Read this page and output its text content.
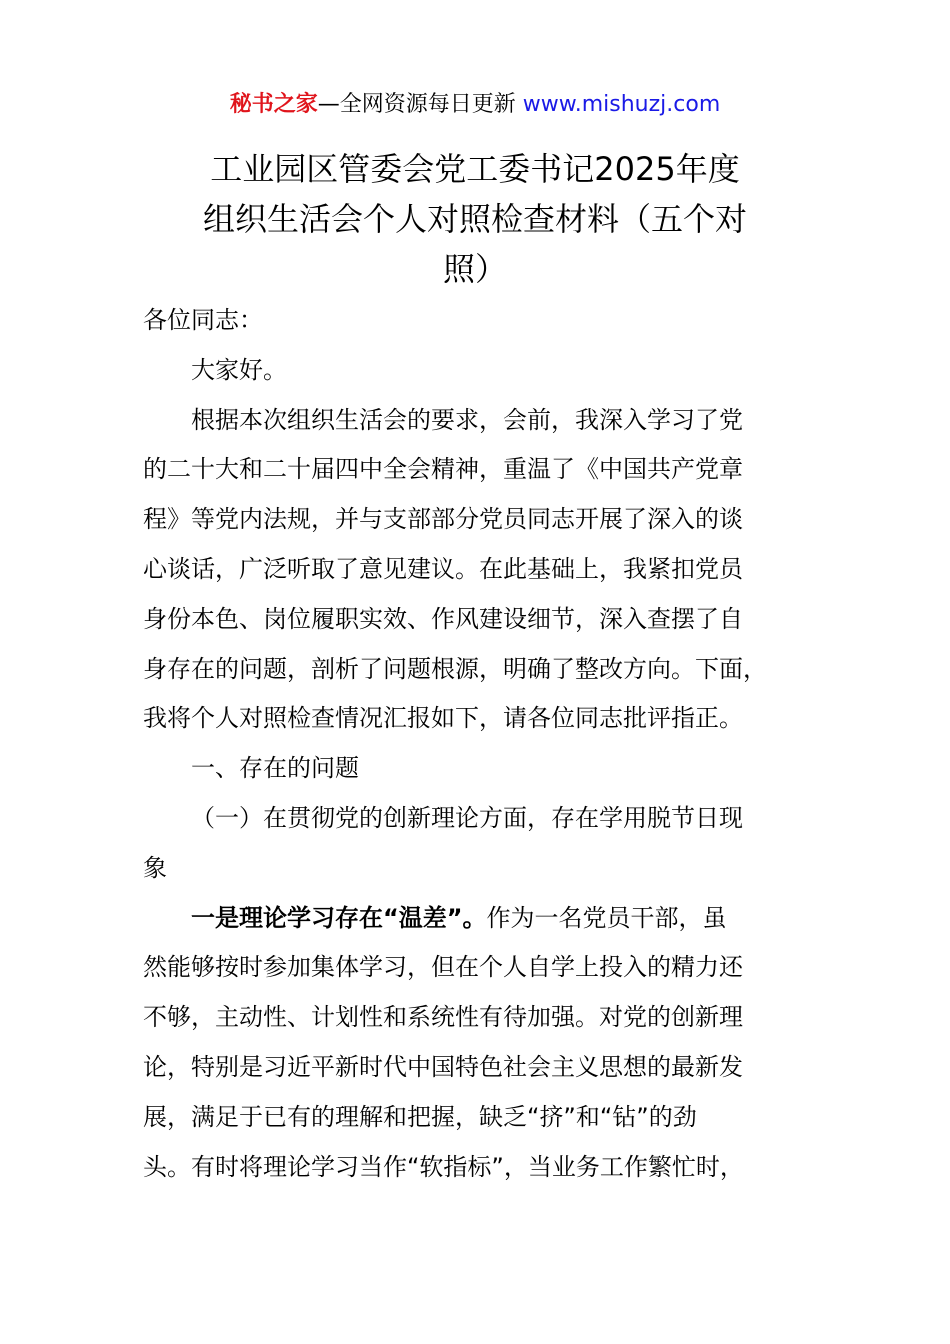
秘书之家—全网资源每日更新 www.mishuzj.com
工业园区管委会党工委书记2025年度
组织生活会个人对照检查材料（五个对
照）

各位同志：

大家好。

根据本次组织生活会的要求，会前，我深入学习了党
的二十大和二十届四中全会精神，重温了《中国共产党章
程》等党内法规，并与支部部分党员同志开展了深入的谈
心谈话，广泛听取了意见建议。在此基础上，我紧扣党员
身份本色、岗位履职实效、作风建设细节，深入查摆了自
身存在的问题，剖析了问题根源，明确了整改方向。下面，
我将个人对照检查情况汇报如下，请各位同志批评指正。

一、存在的问题

（一）在贯彻党的创新理论方面，存在学用脱节日现
象

一是理论学习存在“温差”。作为一名党员干部，虽
然能够按时参加集体学习，但在个人自学上投入的精力还
不够，主动性、计划性和系统性有待加强。对党的创新理
论，特别是习近平新时代中国特色社会主义思想的最新发
展，满足于已有的理解和把握，缺乏“挤”和“钻”的劲
头。有时将理论学习当作“软指标”，当业务工作繁忙时，
